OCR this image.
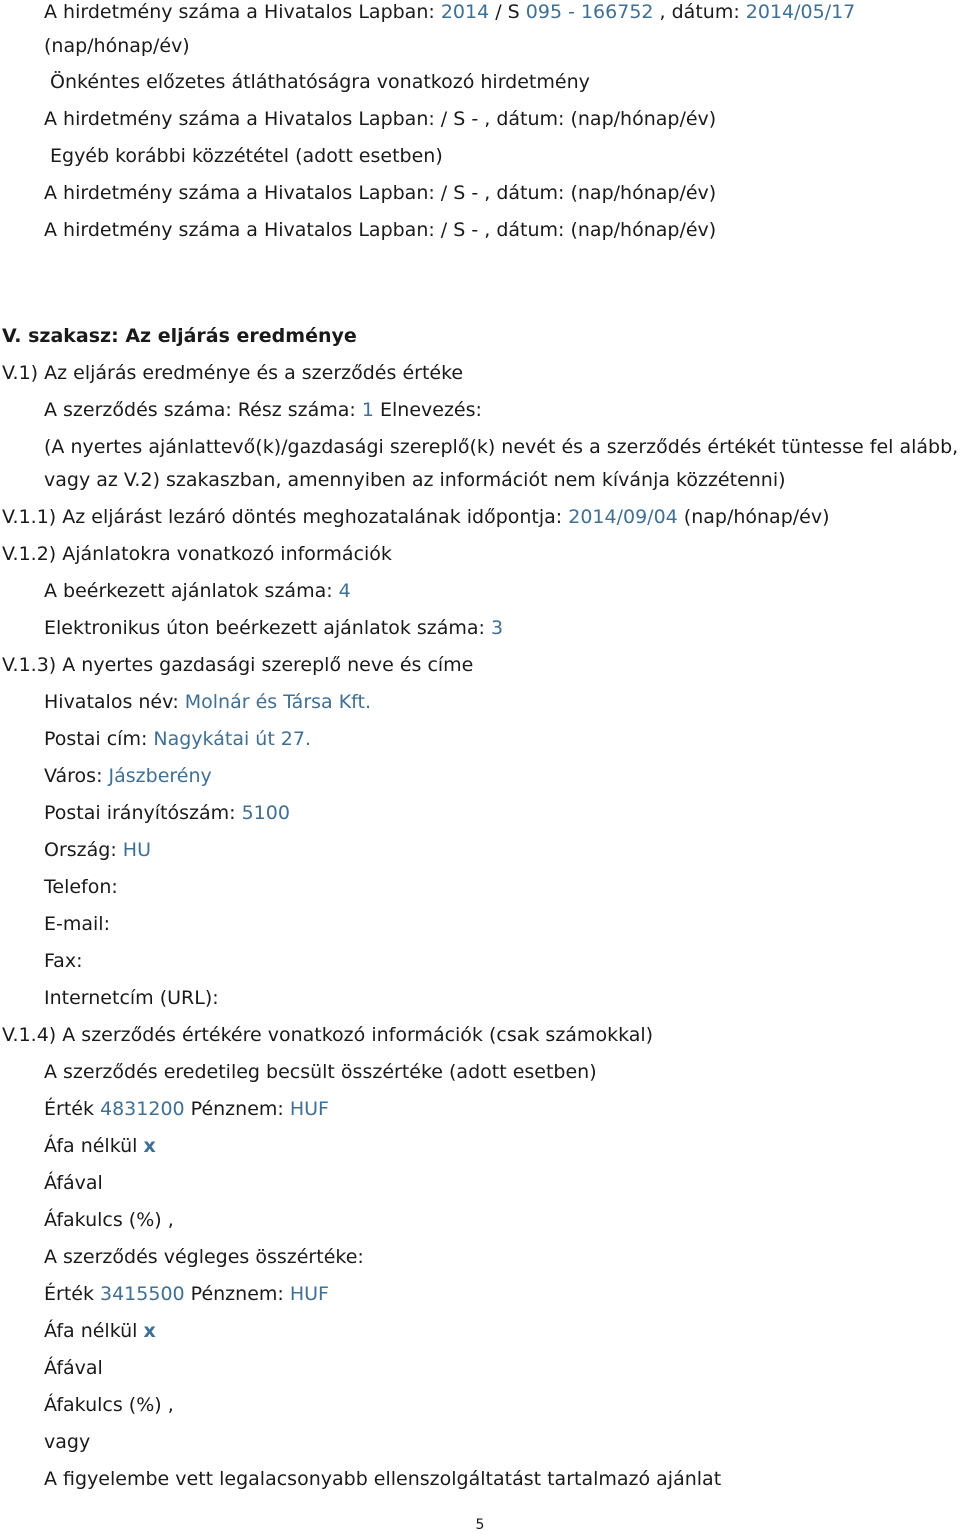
A hirdetmény száma a Hivatalos Lapban: 2014 / S 095 - 166752 , dátum: 2014/05/17
(nap/hónap/év)
Önkéntes előzetes átláthatóságra vonatkozó hirdetmény
A hirdetmény száma a Hivatalos Lapban: / S - , dátum: (nap/hónap/év)
Egyéb korábbi közzététel (adott esetben)
A hirdetmény száma a Hivatalos Lapban: / S - , dátum: (nap/hónap/év)
A hirdetmény száma a Hivatalos Lapban: / S - , dátum: (nap/hónap/év)
V. szakasz: Az eljárás eredménye
V.1) Az eljárás eredménye és a szerződés értéke
A szerződés száma: Rész száma: 1 Elnevezés:
(A nyertes ajánlattevő(k)/gazdasági szereplő(k) nevét és a szerződés értékét tüntesse fel alább,
vagy az V.2) szakaszban, amennyiben az információt nem kívánja közzétenni)
V.1.1) Az eljárást lezáró döntés meghozatalának időpontja: 2014/09/04 (nap/hónap/év)
V.1.2) Ajánlatokra vonatkozó információk
A beérkezett ajánlatok száma: 4
Elektronikus úton beérkezett ajánlatok száma: 3
V.1.3) A nyertes gazdasági szereplő neve és címe
Hivatalos név: Molnár és Társa Kft.
Postai cím: Nagykátai út 27.
Város: Jászberény
Postai irányítószám: 5100
Ország: HU
Telefon:
E-mail:
Fax:
Internetcím (URL):
V.1.4) A szerződés értékére vonatkozó információk (csak számokkal)
A szerződés eredetileg becsült összértéke (adott esetben)
Érték 4831200 Pénznem: HUF
Áfa nélkül x
Áfával
Áfakulcs (%) ,
A szerződés végleges összértéke:
Érték 3415500 Pénznem: HUF
Áfa nélkül x
Áfával
Áfakulcs (%) ,
vagy
A figyelembe vett legalacsonyabb ellenszolgáltatást tartalmazó ajánlat
5
